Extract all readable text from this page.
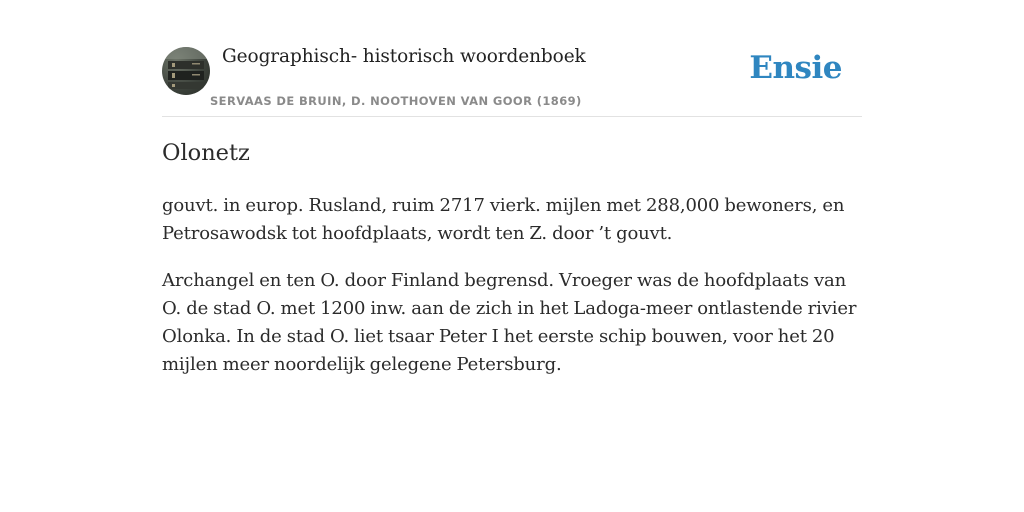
Geographisch- historisch woordenboek
SERVAAS DE BRUIN, D. NOOTHOVEN VAN GOOR (1869)
Ensie
Olonetz

gouvt. in europ. Rusland, ruim 2717 vierk. mijlen met 288,000 bewoners, en Petrosawodsk tot hoofdplaats, wordt ten Z. door ’t gouvt.

Archangel en ten O. door Finland begrensd. Vroeger was de hoofdplaats van O. de stad O. met 1200 inw. aan de zich in het Ladoga-meer ontlastende rivier Olonka. In de stad O. liet tsaar Peter I het eerste schip bouwen, voor het 20 mijlen meer noordelijk gelegene Petersburg.
